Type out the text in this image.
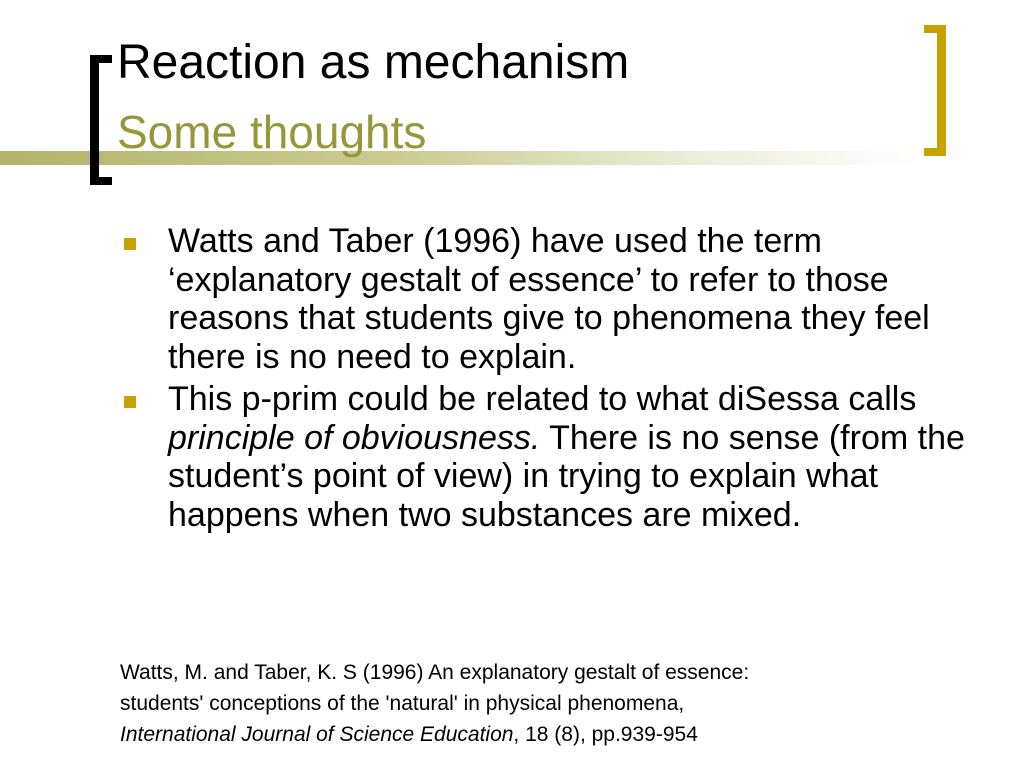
Reaction as mechanism
Some thoughts
Watts and Taber (1996) have used the term ‘explanatory gestalt of essence’ to refer to those reasons that students give to phenomena they feel there is no need to explain.
This p-prim could be related to what diSessa calls principle of obviousness. There is no sense (from the student’s point of view) in trying to explain what happens when two substances are mixed.
Watts, M. and Taber, K. S (1996) An explanatory gestalt of essence:
students' conceptions of the 'natural' in physical phenomena,
International Journal of Science Education, 18 (8), pp.939-954
